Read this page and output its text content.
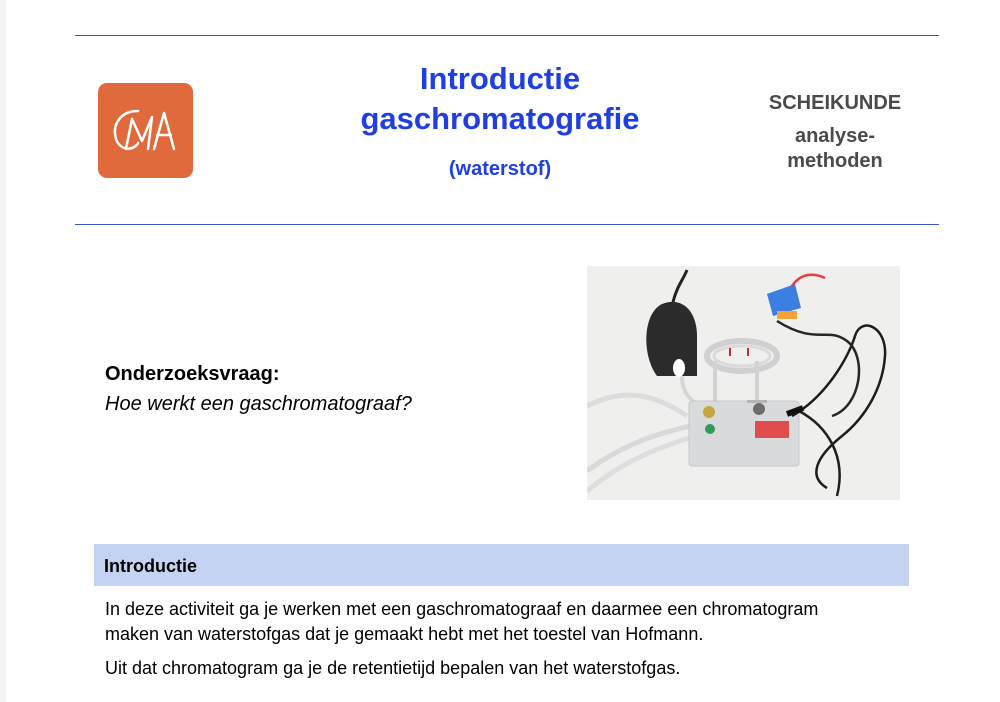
Introductie

gaschromatografie

(waterstof)

SCHEIKUNDE

analyse-

methoden

Onderzoeksvraag:

Hoe werkt een gaschromatograaf?

Introductie

In deze activiteit ga je werken met een gaschromatograaf en daarmee een chromatogram

maken van waterstofgas dat je gemaakt hebt met het toestel van Hofmann.

Uit dat chromatogram ga je de retentietijd bepalen van het waterstofgas.
